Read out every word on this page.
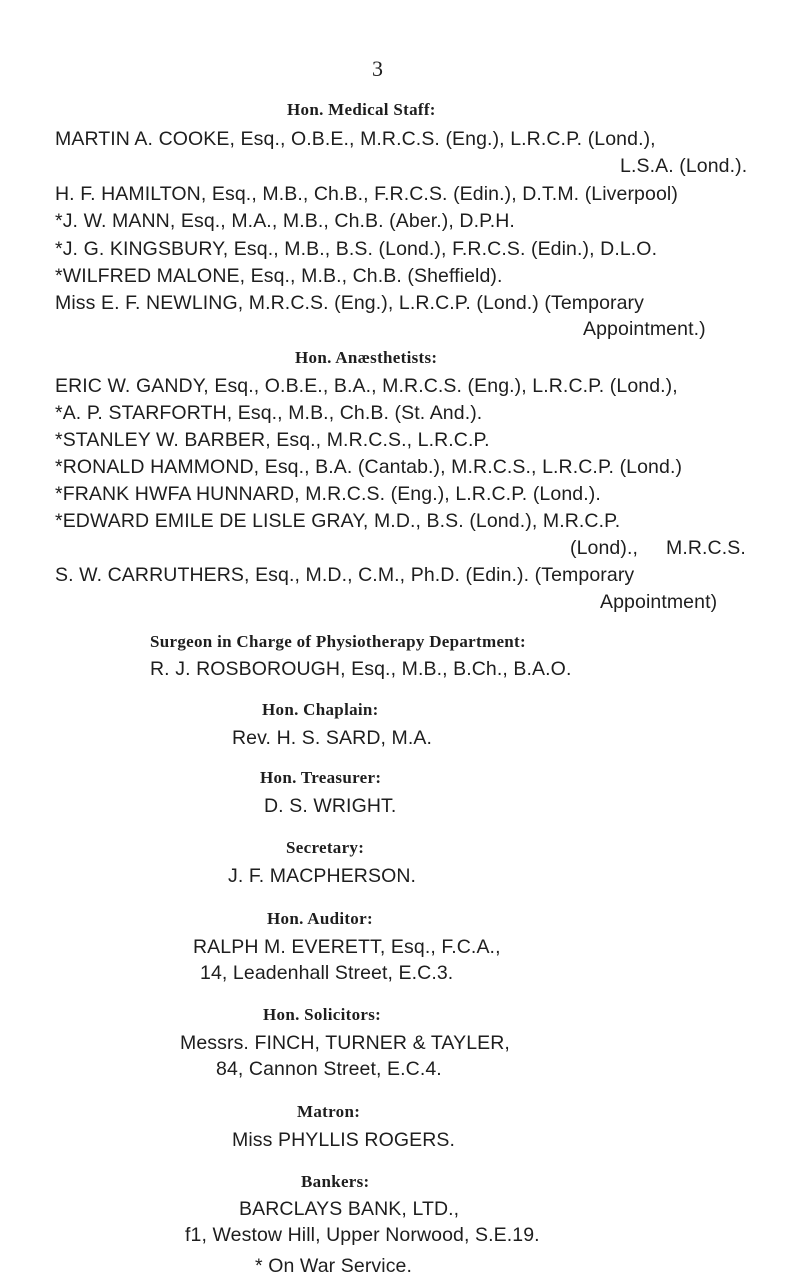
3
Hon. Medical Staff:
MARTIN A. COOKE, Esq., O.B.E., M.R.C.S. (Eng.), L.R.C.P. (Lond.),
L.S.A. (Lond.).
H. F. HAMILTON, Esq., M.B., Ch.B., F.R.C.S. (Edin.), D.T.M. (Liverpool)
*J. W. MANN, Esq., M.A., M.B., Ch.B. (Aber.), D.P.H.
*J. G. KINGSBURY, Esq., M.B., B.S. (Lond.), F.R.C.S. (Edin.), D.L.O.
*WILFRED MALONE, Esq., M.B., Ch.B. (Sheffield).
Miss E. F. NEWLING, M.R.C.S. (Eng.), L.R.C.P. (Lond.) (Temporary
Appointment.)
Hon. Anæsthetists:
ERIC W. GANDY, Esq., O.B.E., B.A., M.R.C.S. (Eng.), L.R.C.P. (Lond.),
*A. P. STARFORTH, Esq., M.B., Ch.B. (St. And.).
*STANLEY W. BARBER, Esq., M.R.C.S., L.R.C.P.
*RONALD HAMMOND, Esq., B.A. (Cantab.), M.R.C.S., L.R.C.P. (Lond.)
*FRANK HWFA HUNNARD, M.R.C.S. (Eng.), L.R.C.P. (Lond.).
*EDWARD EMILE DE LISLE GRAY, M.D., B.S. (Lond.), M.R.C.P.
(Lond)., M.R.C.S.
S. W. CARRUTHERS, Esq., M.D., C.M., Ph.D. (Edin.). (Temporary
Appointment)
Surgeon in Charge of Physiotherapy Department:
R. J. ROSBOROUGH, Esq., M.B., B.Ch., B.A.O.
Hon. Chaplain:
Rev. H. S. SARD, M.A.
Hon. Treasurer:
D. S. WRIGHT.
Secretary:
J. F. MACPHERSON.
Hon. Auditor:
RALPH M. EVERETT, Esq., F.C.A.,
14, Leadenhall Street, E.C.3.
Hon. Solicitors:
Messrs. FINCH, TURNER & TAYLER,
84, Cannon Street, E.C.4.
Matron:
Miss PHYLLIS ROGERS.
Bankers:
BARCLAYS BANK, LTD.,
f1, Westow Hill, Upper Norwood, S.E.19.
* On War Service.
